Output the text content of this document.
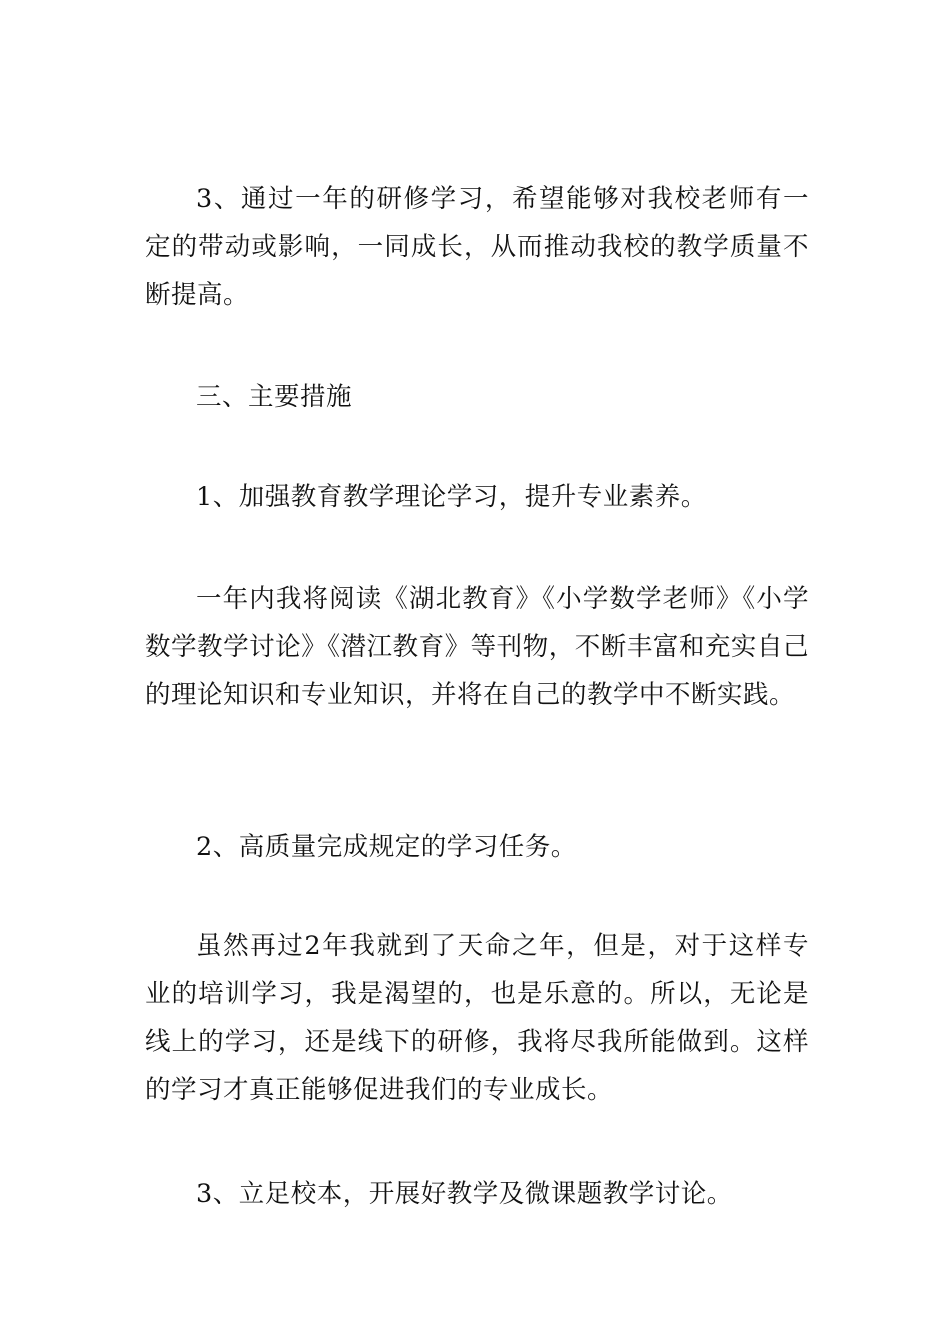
3、通过一年的研修学习，希望能够对我校老师有一定的带动或影响，一同成长，从而推动我校的教学质量不断提高。

三、主要措施

1、加强教育教学理论学习，提升专业素养。

一年内我将阅读《湖北教育》《小学数学老师》《小学数学教学讨论》《潜江教育》等刊物，不断丰富和充实自己的理论知识和专业知识，并将在自己的教学中不断实践。

2、高质量完成规定的学习任务。

虽然再过2年我就到了天命之年，但是，对于这样专业的培训学习，我是渴望的，也是乐意的。所以，无论是线上的学习，还是线下的研修，我将尽我所能做到。这样的学习才真正能够促进我们的专业成长。

3、立足校本，开展好教学及微课题教学讨论。
